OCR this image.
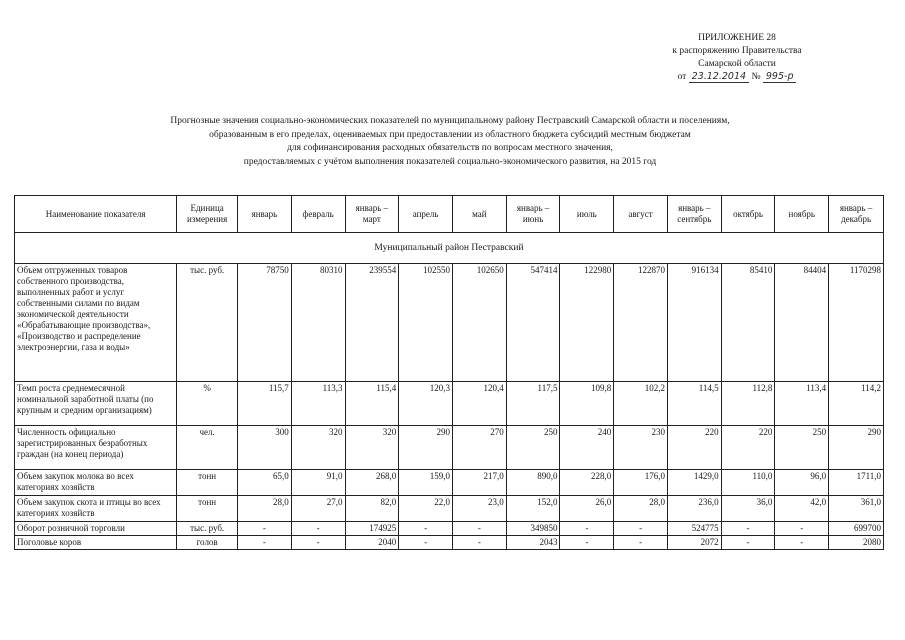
ПРИЛОЖЕНИЕ 28
к распоряжению Правительства
Самарской области
от 23.12.2014 № 995-р
Прогнозные значения социально-экономических показателей по муниципальному району Пестравский Самарской области и поселениям,
образованным в его пределах, оцениваемых при предоставлении из областного бюджета субсидий местным бюджетам
для софинансирования расходных обязательств по вопросам местного значения,
предоставляемых с учётом выполнения показателей социально-экономического развития, на 2015 год
Наименование показателя	Единица измерения	январь	февраль	январь – март	апрель	май	январь – июнь	июль	август	январь – сентябрь	октябрь	ноябрь	январь – декабрь
Муниципальный район Пестравский													
Объем отгруженных товаров собственного производства, выполненных работ и услуг собственными силами по видам экономической деятельности «Обрабатывающие производства», «Производство и распределение электроэнергии, газа и воды»	тыс. руб.	78750	80310	239554	102550	102650	547414	122980	122870	916134	85410	84404	1170298
Темп роста среднемесячной номинальной заработной платы (по крупным и средним организациям)	%	115,7	113,3	115,4	120,3	120,4	117,5	109,8	102,2	114,5	112,8	113,4	114,2
Численность официально зарегистрированных безработных граждан (на конец периода)	чел.	300	320	320	290	270	250	240	230	220	220	250	290
Объем закупок молока во всех категориях хозяйств	тонн	65,0	91,0	268,0	159,0	217,0	890,0	228,0	176,0	1429,0	110,0	96,0	1711,0
Объем закупок скота и птицы во всех категориях хозяйств	тонн	28,0	27,0	82,0	22,0	23,0	152,0	26,0	28,0	236,0	36,0	42,0	361,0
Оборот розничной торговли	тыс. руб.	-	-	174925	-	-	349850	-	-	524775	-	-	699700
Поголовье коров	голов	-	-	2040	-	-	2043	-	-	2072	-	-	2080
